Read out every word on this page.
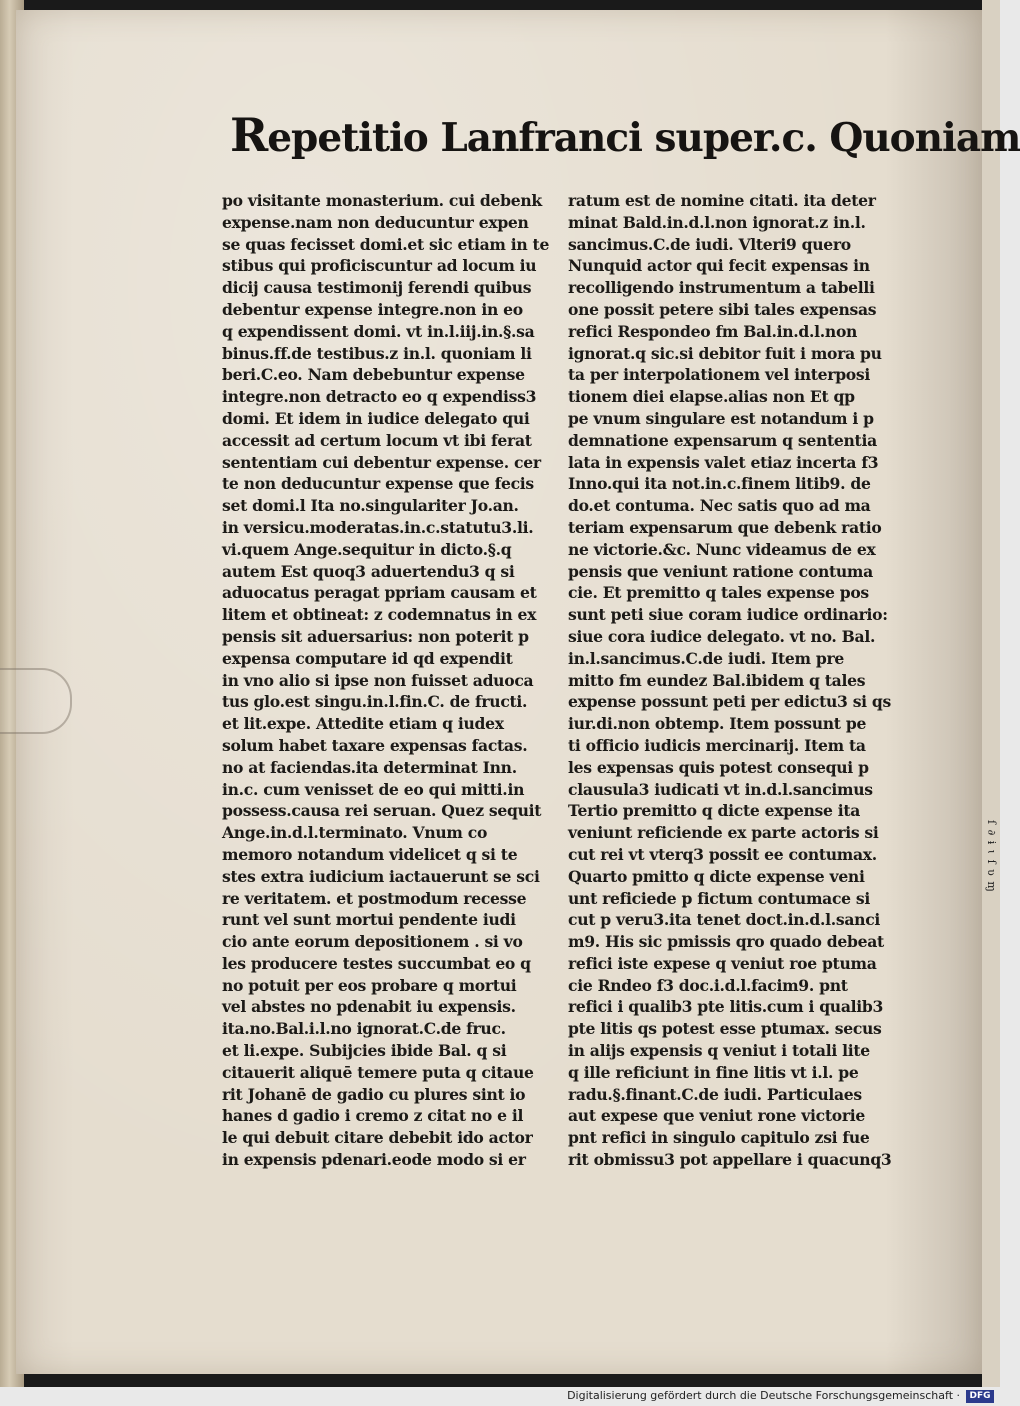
ſ ∂ ɨ ɩ ſ ʋ ɱ
Repetitio Lanfranci super.c. Quoniam
po visitante monasterium. cui debenk
expense.nam non deducuntur expen
se quas fecisset domi.et sic etiam in te
stibus qui proficiscuntur ad locum iu
dicij causa testimonij ferendi quibus
debentur expense integre.non in eo
q expendissent domi. vt in.l.iij.in.§.sa
binus.ff.de testibus.z in.l. quoniam li
beri.C.eo. Nam debebuntur expense
integre.non detracto eo q expendiss3
domi. Et idem in iudice delegato qui
accessit ad certum locum vt ibi ferat
sententiam cui debentur expense. cer
te non deducuntur expense que fecis
set domi.l Ita no.singulariter Jo.an.
in versicu.moderatas.in.c.statutu3.li.
vi.quem Ange.sequitur in dicto.§.q
autem Est quoq3 aduertendu3 q si
aduocatus peragat ppriam causam et
litem et obtineat: z codemnatus in ex
pensis sit aduersarius: non poterit p
expensa computare id qd expendit
in vno alio si ipse non fuisset aduoca
tus glo.est singu.in.l.fin.C. de fructi.
et lit.expe. Attedite etiam q iudex
solum habet taxare expensas factas.
no at faciendas.ita determinat Inn.
in.c. cum venisset de eo qui mitti.in
possess.causa rei seruan. Quez sequit
Ange.in.d.l.terminato. Vnum co
memoro notandum videlicet q si te
stes extra iudicium iactauerunt se sci
re veritatem. et postmodum recesse
runt vel sunt mortui pendente iudi
cio ante eorum depositionem . si vo
les producere testes succumbat eo q
no potuit per eos probare q mortui
vel abstes no pdenabit iu expensis.
ita.no.Bal.i.l.no ignorat.C.de fruc.
et li.expe. Subijcies ibide Bal. q si
citauerit aliquē temere puta q citaue
rit Johanē de gadio cu plures sint io
hanes d gadio i cremo z citat no e il
le qui debuit citare debebit ido actor
in expensis pdenari.eode modo si er
ratum est de nomine citati. ita deter
minat Bald.in.d.l.non ignorat.z in.l.
sancimus.C.de iudi. Vlteri9 quero
Nunquid actor qui fecit expensas in
recolligendo instrumentum a tabelli
one possit petere sibi tales expensas
refici Respondeo fm Bal.in.d.l.non
ignorat.q sic.si debitor fuit i mora pu
ta per interpolationem vel interposi
tionem diei elapse.alias non Et qp
pe vnum singulare est notandum i p
demnatione expensarum q sententia
lata in expensis valet etiaz incerta f3
Inno.qui ita not.in.c.finem litib9. de
do.et contuma. Nec satis quo ad ma
teriam expensarum que debenk ratio
ne victorie.&c. Nunc videamus de ex
pensis que veniunt ratione contuma
cie. Et premitto q tales expense pos
sunt peti siue coram iudice ordinario:
siue cora iudice delegato. vt no. Bal.
in.l.sancimus.C.de iudi. Item pre
mitto fm eundez Bal.ibidem q tales
expense possunt peti per edictu3 si qs
iur.di.non obtemp. Item possunt pe
ti officio iudicis mercinarij. Item ta
les expensas quis potest consequi p
clausula3 iudicati vt in.d.l.sancimus
Tertio premitto q dicte expense ita
veniunt reficiende ex parte actoris si
cut rei vt vterq3 possit ee contumax.
Quarto pmitto q dicte expense veni
unt reficiede p fictum contumace si
cut p veru3.ita tenet doct.in.d.l.sanci
m9. His sic pmissis qro quado debeat
refici iste expese q veniut roe ptuma
cie Rndeo f3 doc.i.d.l.facim9. pnt
refici i qualib3 pte litis.cum i qualib3
pte litis qs potest esse ptumax. secus
in alijs expensis q veniut i totali lite
q ille reficiunt in fine litis vt i.l. pe
radu.§.finant.C.de iudi. Particulaes
aut expese que veniut rone victorie
pnt refici in singulo capitulo zsi fue
rit obmissu3 pot appellare i quacunq3
Digitalisierung gefördert durch die Deutsche Forschungsgemeinschaft ·	DFG
